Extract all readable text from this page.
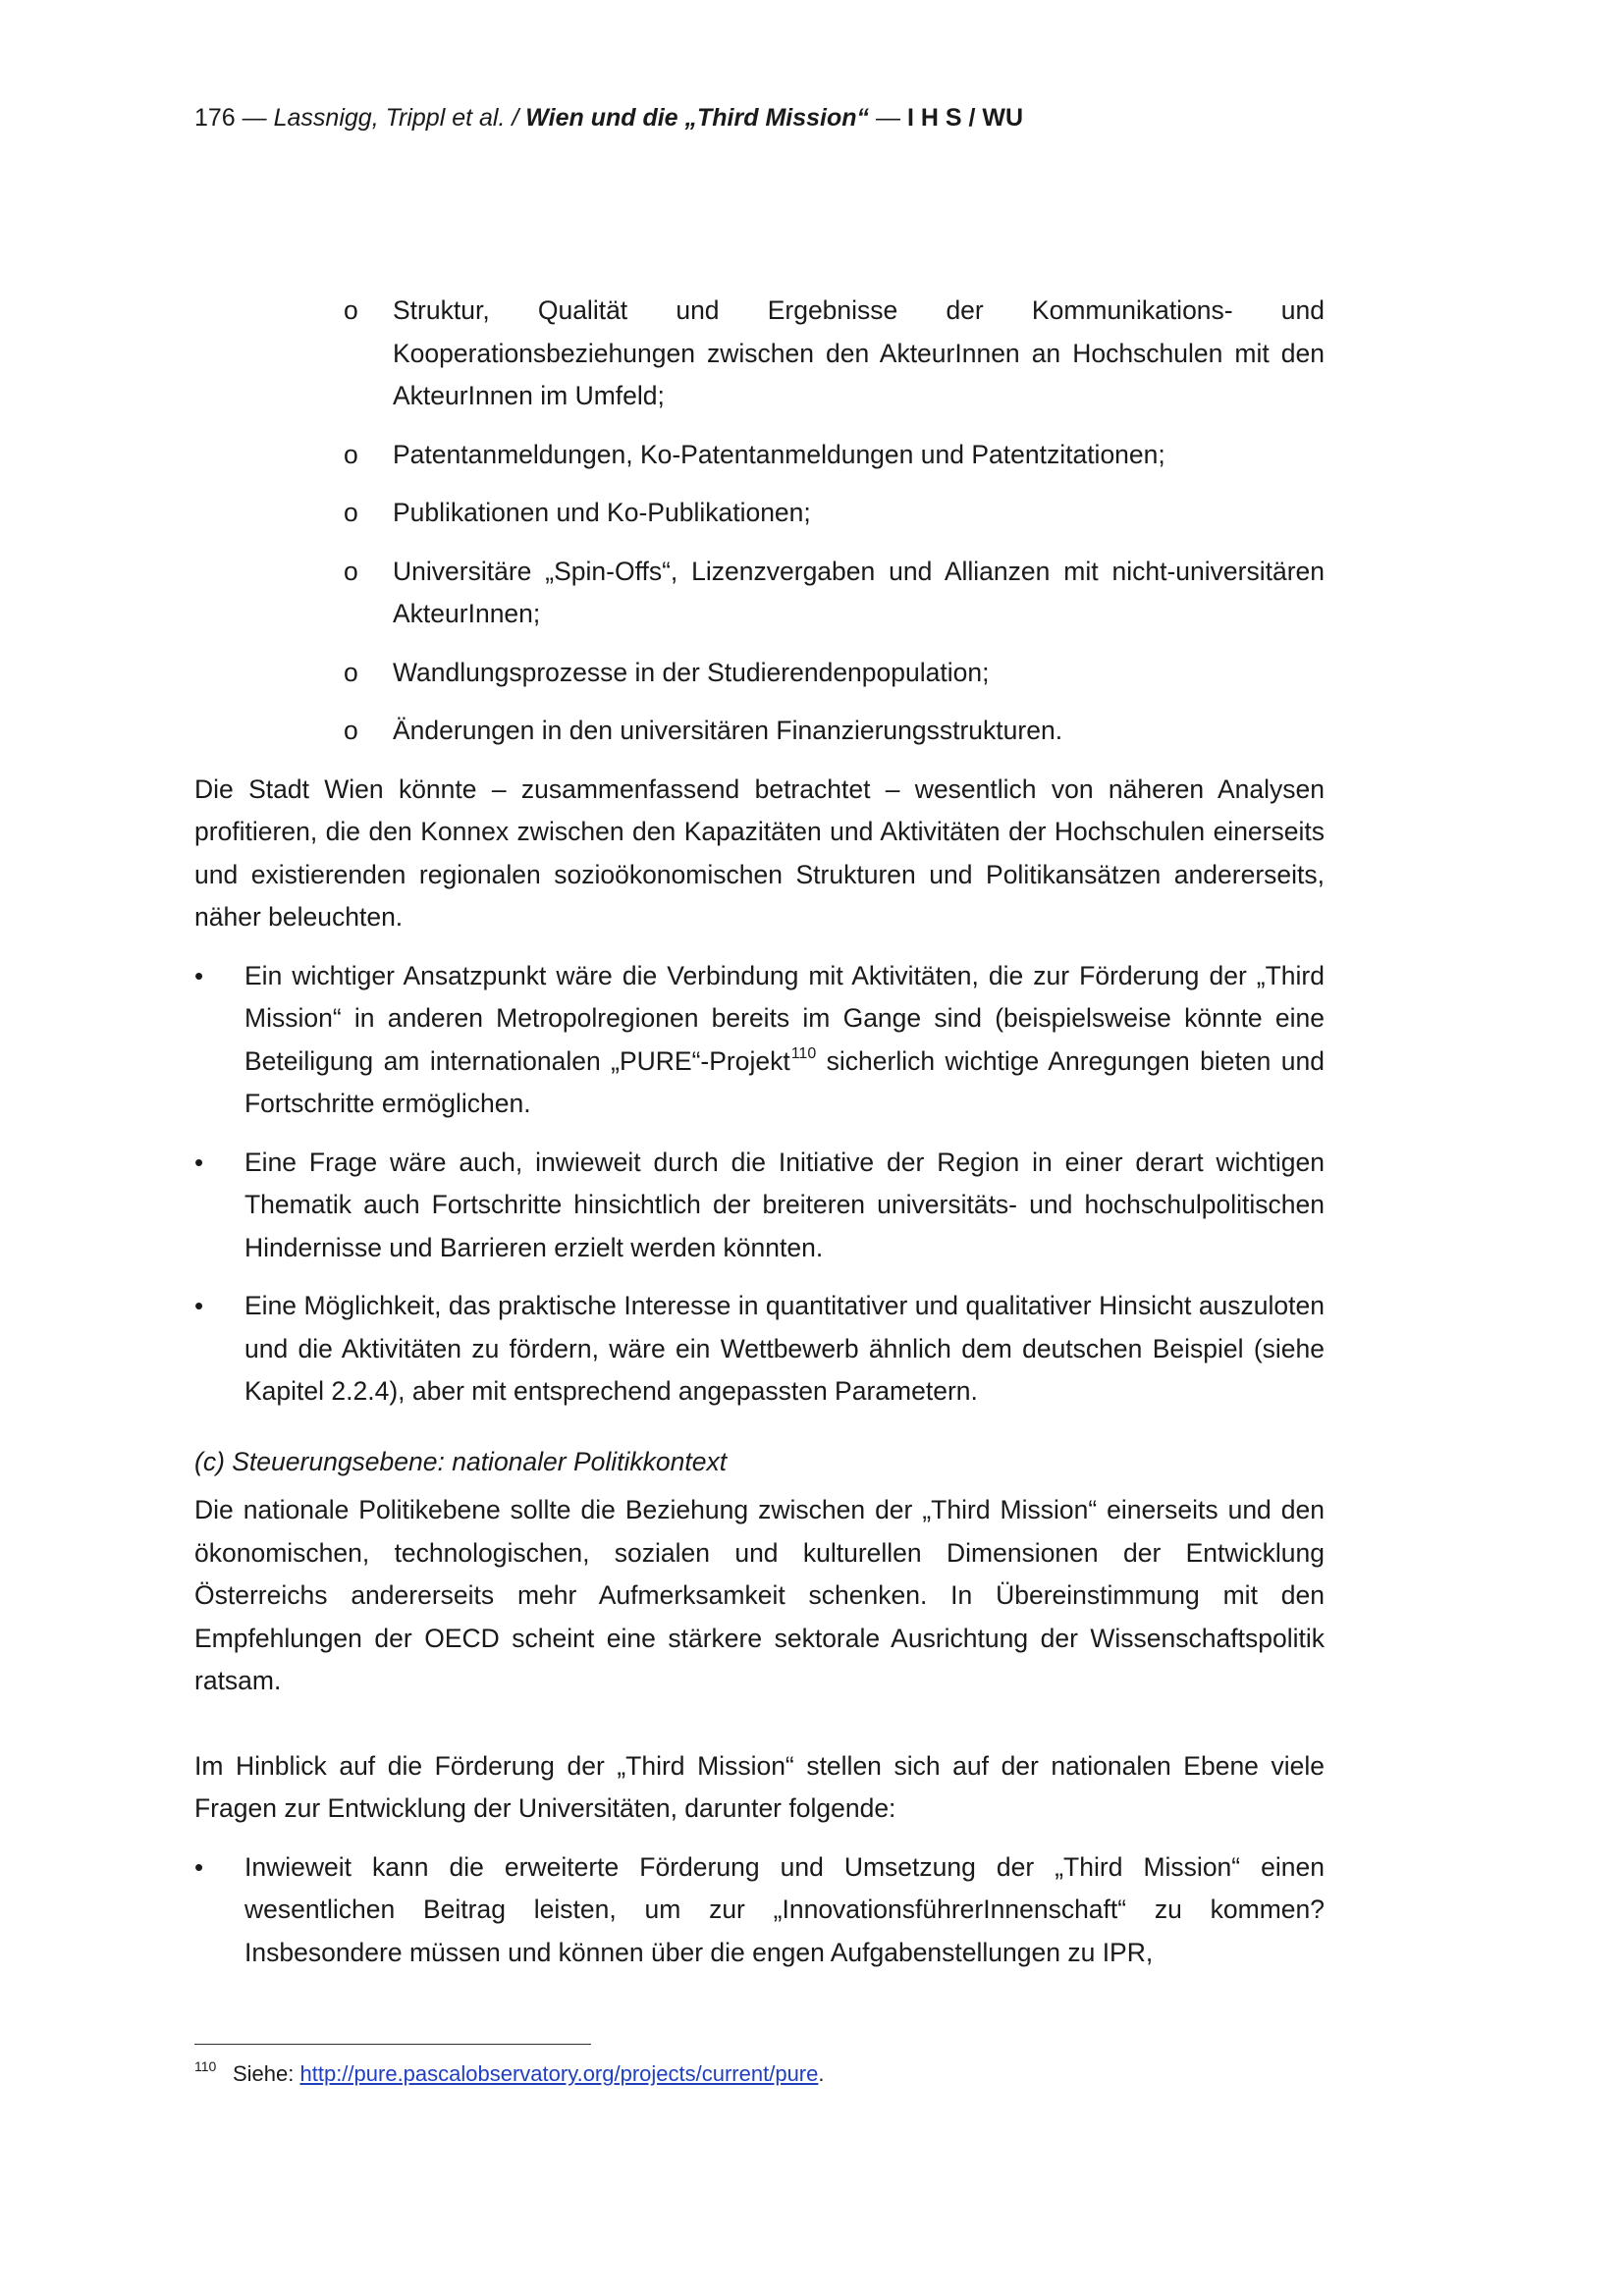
176 — Lassnigg, Trippl et al. / Wien und die „Third Mission“ — I H S / WU
o Struktur, Qualität und Ergebnisse der Kommunikations- und Kooperationsbeziehungen zwischen den AkteurInnen an Hochschulen mit den AkteurInnen im Umfeld;
o Patentanmeldungen, Ko-Patentanmeldungen und Patentzitationen;
o Publikationen und Ko-Publikationen;
o Universitäre „Spin-Offs“, Lizenzvergaben und Allianzen mit nicht-universitären AkteurInnen;
o Wandlungsprozesse in der Studierendenpopulation;
o Änderungen in den universitären Finanzierungsstrukturen.

Die Stadt Wien könnte – zusammenfassend betrachtet – wesentlich von näheren Analysen profitieren, die den Konnex zwischen den Kapazitäten und Aktivitäten der Hochschulen einerseits und existierenden regionalen sozioökonomischen Strukturen und Politikansätzen andererseits, näher beleuchten.

• Ein wichtiger Ansatzpunkt wäre die Verbindung mit Aktivitäten, die zur Förderung der „Third Mission“ in anderen Metropolregionen bereits im Gange sind (beispielsweise könnte eine Beteiligung am internationalen „PURE“-Projekt$^{110}$ sicherlich wichtige Anregungen bieten und Fortschritte ermöglichen.
• Eine Frage wäre auch, inwieweit durch die Initiative der Region in einer derart wichtigen Thematik auch Fortschritte hinsichtlich der breiteren universitäts- und hochschulpolitischen Hindernisse und Barrieren erzielt werden könnten.
• Eine Möglichkeit, das praktische Interesse in quantitativer und qualitativer Hinsicht auszuloten und die Aktivitäten zu fördern, wäre ein Wettbewerb ähnlich dem deutschen Beispiel (siehe Kapitel 2.2.4), aber mit entsprechend angepassten Parametern.

(c) Steuerungsebene: nationaler Politikkontext

Die nationale Politikebene sollte die Beziehung zwischen der „Third Mission“ einerseits und den ökonomischen, technologischen, sozialen und kulturellen Dimensionen der Entwicklung Österreichs andererseits mehr Aufmerksamkeit schenken. In Übereinstimmung mit den Empfehlungen der OECD scheint eine stärkere sektorale Ausrichtung der Wissenschaftspolitik ratsam.

Im Hinblick auf die Förderung der „Third Mission“ stellen sich auf der nationalen Ebene viele Fragen zur Entwicklung der Universitäten, darunter folgende:

• Inwieweit kann die erweiterte Förderung und Umsetzung der „Third Mission“ einen wesentlichen Beitrag leisten, um zur „InnovationsführerInnenschaft“ zu kommen? Insbesondere müssen und können über die engen Aufgabenstellungen zu IPR,
110 Siehe: http://pure.pascalobservatory.org/projects/current/pure.
